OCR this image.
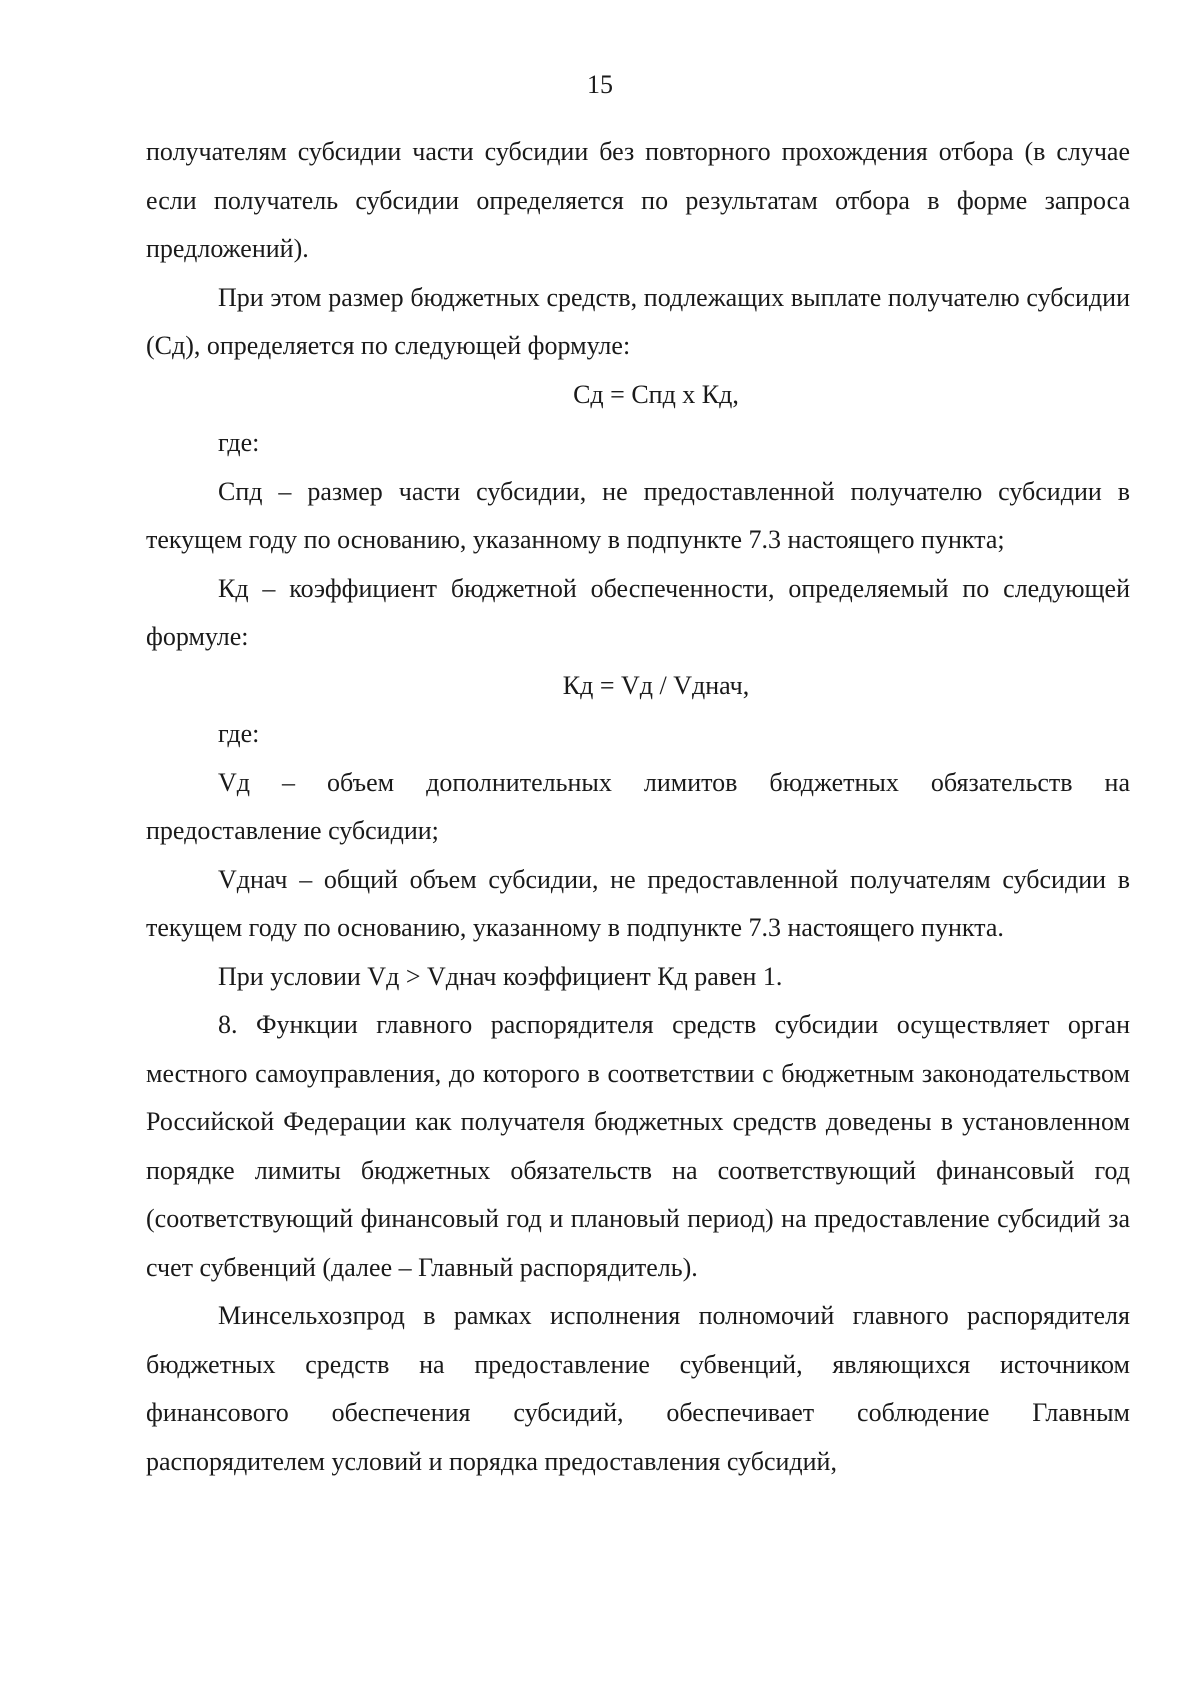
15

получателям субсидии части субсидии без повторного прохождения отбора (в случае если получатель субсидии определяется по результатам отбора в форме запроса предложений).

При этом размер бюджетных средств, подлежащих выплате получателю субсидии (Сд), определяется по следующей формуле:

Сд = Спд x Кд,

где:

Спд – размер части субсидии, не предоставленной получателю субсидии в текущем году по основанию, указанному в подпункте 7.3 настоящего пункта;

Кд – коэффициент бюджетной обеспеченности, определяемый по следующей формуле:

Кд = Vд / Vднач,

где:

Vд – объем дополнительных лимитов бюджетных обязательств на предоставление субсидии;

Vднач – общий объем субсидии, не предоставленной получателям субсидии в текущем году по основанию, указанному в подпункте 7.3 настоящего пункта.

При условии Vд > Vднач коэффициент Кд равен 1.

8. Функции главного распорядителя средств субсидии осуществляет орган местного самоуправления, до которого в соответствии с бюджетным законодательством Российской Федерации как получателя бюджетных средств доведены в установленном порядке лимиты бюджетных обязательств на соответствующий финансовый год (соответствующий финансовый год и плановый период) на предоставление субсидий за счет субвенций (далее – Главный распорядитель).

Минсельхозпрод в рамках исполнения полномочий главного распорядителя бюджетных средств на предоставление субвенций, являющихся источником финансового обеспечения субсидий, обеспечивает соблюдение Главным распорядителем условий и порядка предоставления субсидий,
